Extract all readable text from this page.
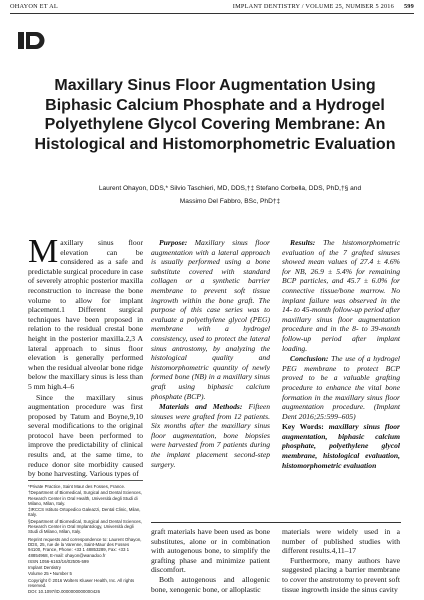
OHAYON ET AL	IMPLANT DENTISTRY / VOLUME 25, NUMBER 5 2016 599
Maxillary Sinus Floor Augmentation Using Biphasic Calcium Phosphate and a Hydrogel Polyethylene Glycol Covering Membrane: An Histological and Histomorphometric Evaluation
Laurent Ohayon, DDS,* Silvio Taschieri, MD, DDS,†‡ Stefano Corbella, DDS, PhD,†§ and
Massimo Del Fabbro, BSc, PhD†‡

Maxillary sinus floor elevation can be considered as a safe and predictable surgical procedure in case of severely atrophic posterior maxilla reconstruction to increase the bone volume to allow for implant placement.1 Different surgical techniques have been proposed in relation to the residual crestal bone height in the posterior maxilla.2,3 A lateral approach to sinus floor elevation is generally performed when the residual alveolar bone ridge below the maxillary sinus is less than 5 mm high.4–6

Since the maxillary sinus augmentation procedure was first proposed by Tatum and Boyne,9,10 several modifications to the original protocol have been performed to improve the predictability of clinical results and, at the same time, to reduce donor site morbidity caused by bone harvesting. Various types of

*Private Practice, Saint Maur des Fosses, France.

†Department of Biomedical, Surgical and Dental Sciences, Research Center in Oral Health, Università degli Studi di Milano, Milan, Italy.

‡IRCCS Istituto Ortopedico Galeazzi, Dental Clinic, Milan, Italy.

§Department of Biomedical, Surgical and Dental Sciences, Research Center in Oral Implantology, Università degli Studi di Milano, Milan, Italy.

Reprint requests and correspondence to: Laurent Ohayon, DDS, 25, rue de la Varenne, Saint-Maur des Fosses 94100, France, Phone: +33 1 48853289, Fax: +33 1 48854968, E-mail: ohayon@wanadoo.fr

ISSN 1056-6163/16/02505-599

Implant Dentistry

Volume 25 • Number 5

Copyright © 2016 Wolters Kluwer Health, Inc. All rights reserved.

DOI: 10.1097/ID.0000000000000426

Purpose: Maxillary sinus floor augmentation with a lateral approach is usually performed using a bone substitute covered with standard collagen or a synthetic barrier membrane to prevent soft tissue ingrowth within the bone graft. The purpose of this case series was to evaluate a polyethylene glycol (PEG) membrane with a hydrogel consistency, used to protect the lateral sinus antrostomy, by analyzing the histological quality and histomorphometric quantity of newly formed bone (NB) in a maxillary sinus graft using biphasic calcium phosphate (BCP).

Materials and Methods: Fifteen sinuses were grafted from 12 patients. Six months after the maxillary sinus floor augmentation, bone biopsies were harvested from 7 patients during the implant placement second-step surgery.

Results: The histomorphometric evaluation of the 7 grafted sinuses showed mean values of 27.4 ± 4.6% for NB, 26.9 ± 5.4% for remaining BCP particles, and 45.7 ± 6.0% for connective tissue/bone marrow. No implant failure was observed in the 14- to 45-month follow-up period after maxillary sinus floor augmentation procedure and in the 8- to 39-month follow-up period after implant loading.

Conclusion: The use of a hydrogel PEG membrane to protect BCP proved to be a valuable grafting procedure to enhance the vital bone formation in the maxillary sinus floor augmentation procedure. (Implant Dent 2016;25:599–605)

Key Words: maxillary sinus floor augmentation, biphasic calcium phosphate, polyethylene glycol membrane, histological evaluation, histomorphometric evaluation

graft materials have been used as bone substitutes, alone or in combination with autogenous bone, to simplify the grafting phase and minimize patient discomfort.

Both autogenous and allogenic bone, xenogenic bone, or alloplastic

materials were widely used in a number of published studies with different results.4,11–17

Furthermore, many authors have suggested placing a barrier membrane to cover the anstrotomy to prevent soft tissue ingrowth inside the sinus cavity
